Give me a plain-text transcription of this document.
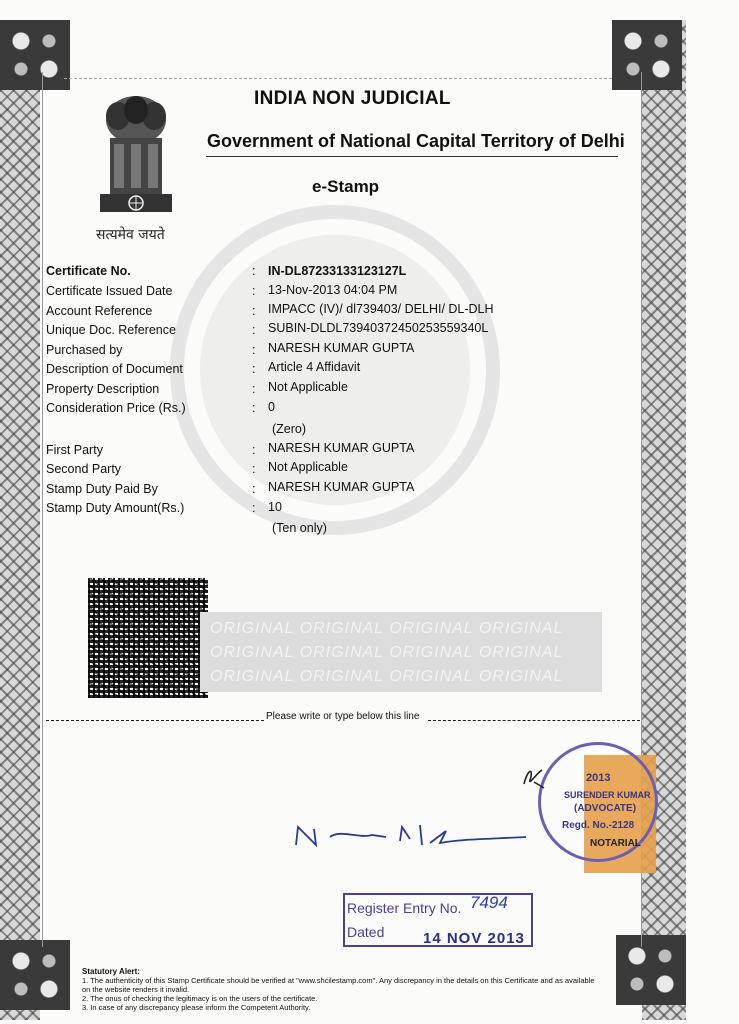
सत्यमेव जयते
INDIA NON JUDICIAL
Government of National Capital Territory of Delhi
e-Stamp
Certificate No.	: IN-DL87233133123127L
Certificate Issued Date	: 13-Nov-2013 04:04 PM
Account Reference	: IMPACC (IV)/ dl739403/ DELHI/ DL-DLH
Unique Doc. Reference	: SUBIN-DLDL73940372450253559340L
Purchased by	: NARESH KUMAR GUPTA
Description of Document	: Article 4 Affidavit
Property Description	: Not Applicable
Consideration Price (Rs.)	: 0
(Zero)
First Party	: NARESH KUMAR GUPTA
Second Party	: Not Applicable
Stamp Duty Paid By	: NARESH KUMAR GUPTA
Stamp Duty Amount(Rs.)	: 10
(Ten only)
ORIGINAL ORIGINAL ORIGINAL ORIGINAL
ORIGINAL ORIGINAL ORIGINAL ORIGINAL
ORIGINAL ORIGINAL ORIGINAL ORIGINAL
Please write or type below this line
2013
SURENDER KUMAR
(ADVOCATE)
Regd. No.-2128
NOTARIAL
Register Entry No. 7494
Dated	14 NOV 2013
Statutory Alert:
1. The authenticity of this Stamp Certificate should be verified at "www.shcilestamp.com". Any discrepancy in the details on this Certificate and as available on the website renders it invalid.
2. The onus of checking the legitimacy is on the users of the certificate.
3. In case of any discrepancy please inform the Competent Authority.
